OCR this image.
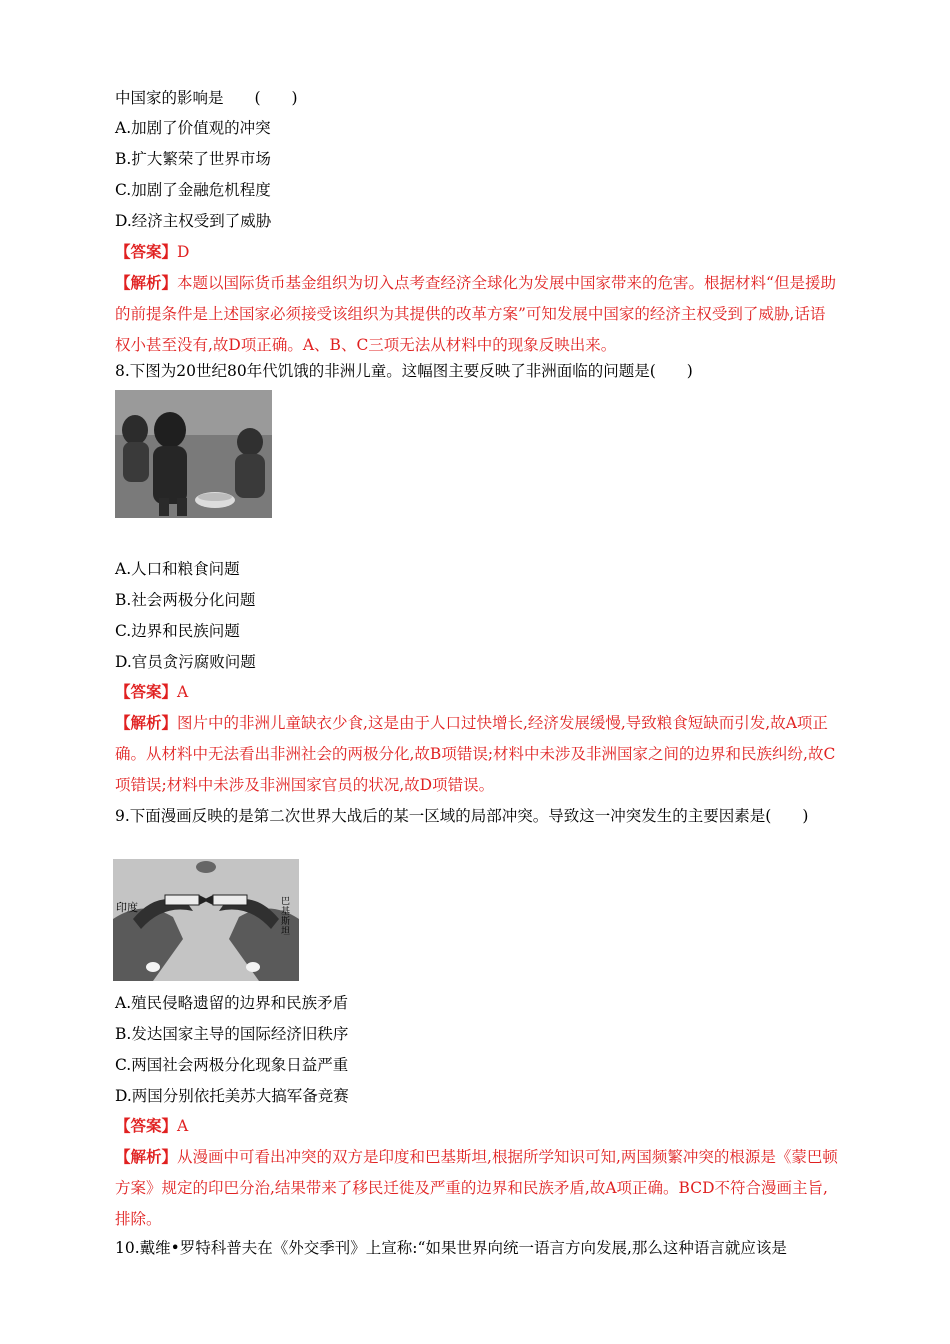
中国家的影响是　　(　　)
A.加剧了价值观的冲突
B.扩大繁荣了世界市场
C.加剧了金融危机程度
D.经济主权受到了威胁
【答案】D
【解析】本题以国际货币基金组织为切入点考查经济全球化为发展中国家带来的危害。根据材料“但是援助的前提条件是上述国家必须接受该组织为其提供的改革方案”可知发展中国家的经济主权受到了威胁,话语权小甚至没有,故D项正确。A、B、C三项无法从材料中的现象反映出来。
8.下图为20世纪80年代饥饿的非洲儿童。这幅图主要反映了非洲面临的问题是(　　)
A.人口和粮食问题
B.社会两极分化问题
C.边界和民族问题
D.官员贪污腐败问题
【答案】A
【解析】图片中的非洲儿童缺衣少食,这是由于人口过快增长,经济发展缓慢,导致粮食短缺而引发,故A项正确。从材料中无法看出非洲社会的两极分化,故B项错误;材料中未涉及非洲国家之间的边界和民族纠纷,故C项错误;材料中未涉及非洲国家官员的状况,故D项错误。
9.下面漫画反映的是第二次世界大战后的某一区域的局部冲突。导致这一冲突发生的主要因素是(　　)
印度	巴基斯坦
A.殖民侵略遗留的边界和民族矛盾
B.发达国家主导的国际经济旧秩序
C.两国社会两极分化现象日益严重
D.两国分别依托美苏大搞军备竞赛
【答案】A
【解析】从漫画中可看出冲突的双方是印度和巴基斯坦,根据所学知识可知,两国频繁冲突的根源是《蒙巴顿方案》规定的印巴分治,结果带来了移民迁徙及严重的边界和民族矛盾,故A项正确。BCD不符合漫画主旨,排除。
10.戴维•罗特科普夫在《外交季刊》上宣称:“如果世界向统一语言方向发展,那么这种语言就应该是
